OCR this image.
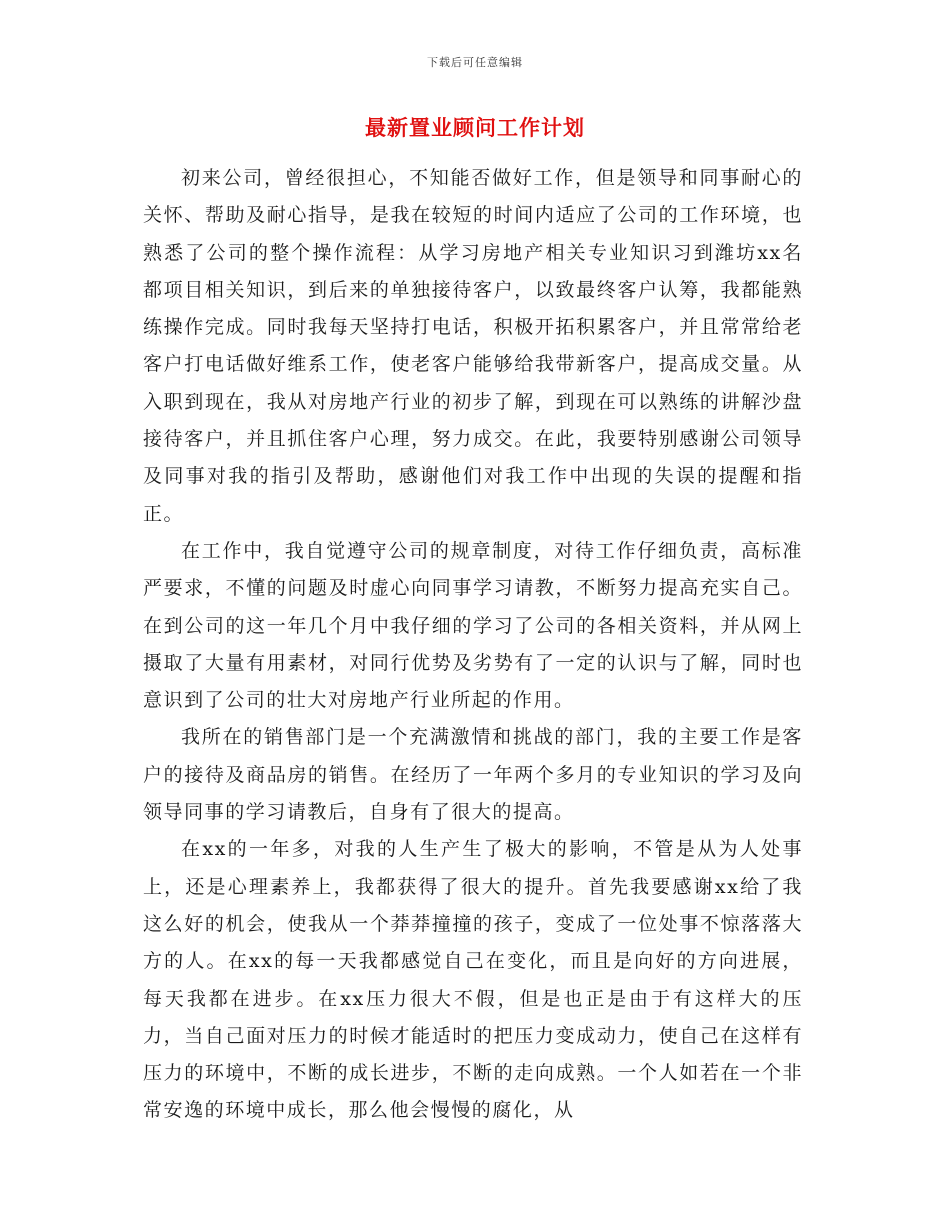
下载后可任意编辑
最新置业顾问工作计划

初来公司，曾经很担心，不知能否做好工作，但是领导和同事耐心的关怀、帮助及耐心指导，是我在较短的时间内适应了公司的工作环境，也熟悉了公司的整个操作流程：从学习房地产相关专业知识习到潍坊xx名都项目相关知识，到后来的单独接待客户，以致最终客户认筹，我都能熟练操作完成。同时我每天坚持打电话，积极开拓积累客户，并且常常给老客户打电话做好维系工作，使老客户能够给我带新客户，提高成交量。从入职到现在，我从对房地产行业的初步了解，到现在可以熟练的讲解沙盘接待客户，并且抓住客户心理，努力成交。在此，我要特别感谢公司领导及同事对我的指引及帮助，感谢他们对我工作中出现的失误的提醒和指正。

在工作中，我自觉遵守公司的规章制度，对待工作仔细负责，高标准严要求，不懂的问题及时虚心向同事学习请教，不断努力提高充实自己。在到公司的这一年几个月中我仔细的学习了公司的各相关资料，并从网上摄取了大量有用素材，对同行优势及劣势有了一定的认识与了解，同时也意识到了公司的壮大对房地产行业所起的作用。

我所在的销售部门是一个充满激情和挑战的部门，我的主要工作是客户的接待及商品房的销售。在经历了一年两个多月的专业知识的学习及向领导同事的学习请教后，自身有了很大的提高。

在xx的一年多，对我的人生产生了极大的影响，不管是从为人处事上，还是心理素养上，我都获得了很大的提升。首先我要感谢xx给了我这么好的机会，使我从一个莽莽撞撞的孩子，变成了一位处事不惊落落大方的人。在xx的每一天我都感觉自己在变化，而且是向好的方向进展，每天我都在进步。在xx压力很大不假，但是也正是由于有这样大的压力，当自己面对压力的时候才能适时的把压力变成动力，使自己在这样有压力的环境中，不断的成长进步，不断的走向成熟。一个人如若在一个非常安逸的环境中成长，那么他会慢慢的腐化，从
